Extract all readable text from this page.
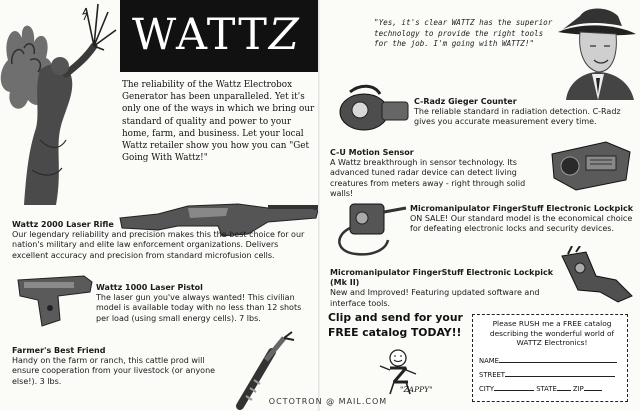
WATTZ
The reliability of the Wattz Electrobox Generator has been unparalleled. Yet it's only one of the ways in which we bring our standard of quality and power to your home, farm, and business. Let your local Wattz retailer show you how you can "Get Going With Wattz!"
Wattz 2000 Laser Rifle
Our legendary reliability and precision makes this the best choice for our nation's military and elite law enforcement organizations. Delivers excellent accuracy and precision from standard microfusion cells.
Wattz 1000 Laser Pistol
The laser gun you've always wanted! This civilian model is available today with no less than 12 shots per load (using small energy cells). 7 lbs.
Farmer's Best Friend
Handy on the farm or ranch, this cattle prod will ensure cooperation from your livestock (or anyone else!). 3 lbs.
"Yes, it's clear WATTZ has the superior technology to provide the right tools for the job. I'm going with WATTZ!"
C-Radz Gieger Counter
The reliable standard in radiation detection. C-Radz gives you accurate measurement every time.
C-U Motion Sensor
A Wattz breakthrough in sensor technology. Its advanced tuned radar device can detect living creatures from meters away - right through solid walls!
Micromanipulator FingerStuff Electronic Lockpick
ON SALE! Our standard model is the economical choice for defeating electronic locks and security devices.
Micromanipulator FingerStuff Electronic Lockpick (Mk II)
New and Improved! Featuring updated software and interface tools.
Clip and send for your FREE catalog TODAY!!
"ZAPPY"
Please RUSH me a FREE catalog describing the wonderful world of WATTZ Electronics!
NAME
STREET
CITY	STATE ZIP
OCTOTRON @ MAIL.COM
